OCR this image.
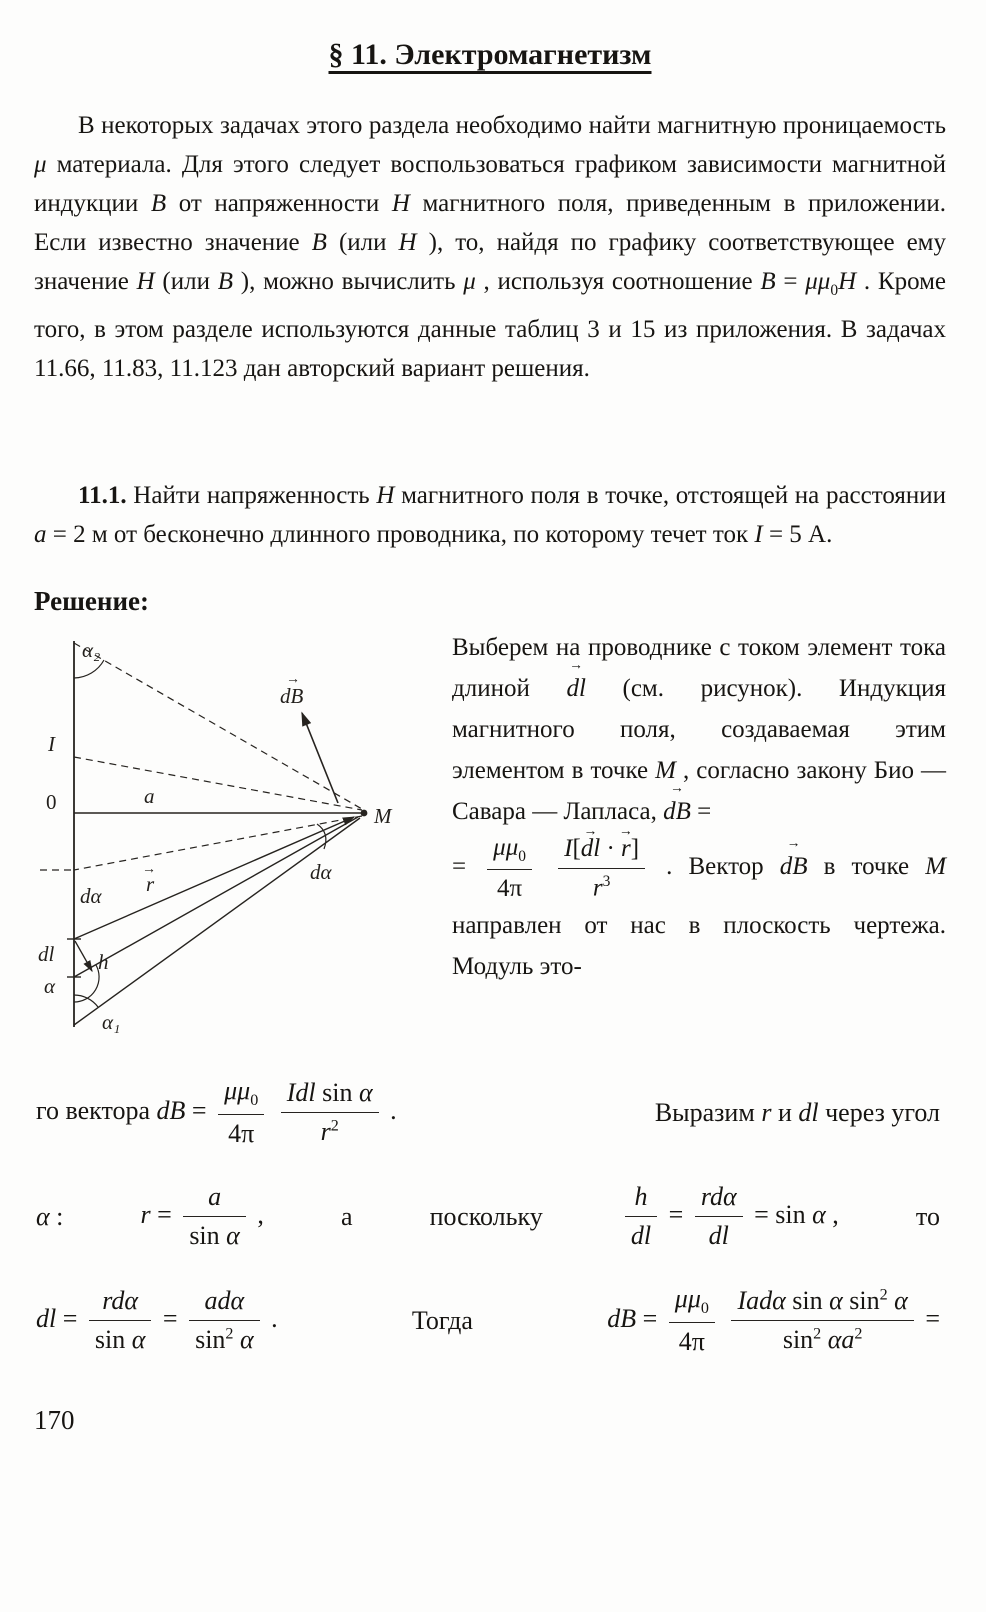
§ 11. Электромагнетизм

В некоторых задачах этого раздела необходимо найти магнитную проницаемость μ материала. Для этого следует воспользоваться графиком зависимости магнитной индукции B от напряженности H магнитного поля, приведенным в приложении. Если известно значение B (или H ), то, найдя по графику соответствующее ему значение H (или B ), можно вычислить μ , используя соотношение $B = \mu\mu_0H$ . Кроме того, в этом разделе используются данные таблиц 3 и 15 из приложения. В задачах 11.66, 11.83, 11.123 дан авторский вариант решения.

11.1. Найти напряженность H магнитного поля в точке, отстоящей на расстоянии a = 2 м от бесконечно длинного проводника, по которому течет ток I = 5 А.

Решение:
α₂
I
0	a
M
dB
→
r
→
dα
dα
dl h
α
α₁
Выберем на проводнике с током элемент тока длиной
→
dl (см. рисунок). Индукция магнитного поля, создаваемая этим элементом в точке M , согласно закону Био — Савара — Лапласа,
→
dB =
= $\frac{\mu\mu_0}{4\pi}$
I[
→
dl ·
→
r]
$r^3$ . Вектор
→
dB в точке M направлен от нас в плоскость чертежа. Модуль это-
го вектора dB = $\frac{\mu\mu_0}{4\pi}$
$\frac{\text{Idl sin α}}{r^2}$ .	Выразим r и dl через угол
α :	$r = \frac{a}{\text{sin α}}$ ,	а	поскольку	$\frac{h}{dl} = \frac{\text{rdα}}{dl} = \sin \alpha$ ,	то
dl = $\frac{\text{rdα}}{\text{sin α}} = \frac{\text{adα}}{\sin^2 \alpha}$ .	Тогда	dB = $\frac{\mu\mu_0}{4\pi}$
$\frac{Iad\alpha \sin \alpha \sin^2 \alpha}{\sin^2 \alpha a^2}$ =
170
